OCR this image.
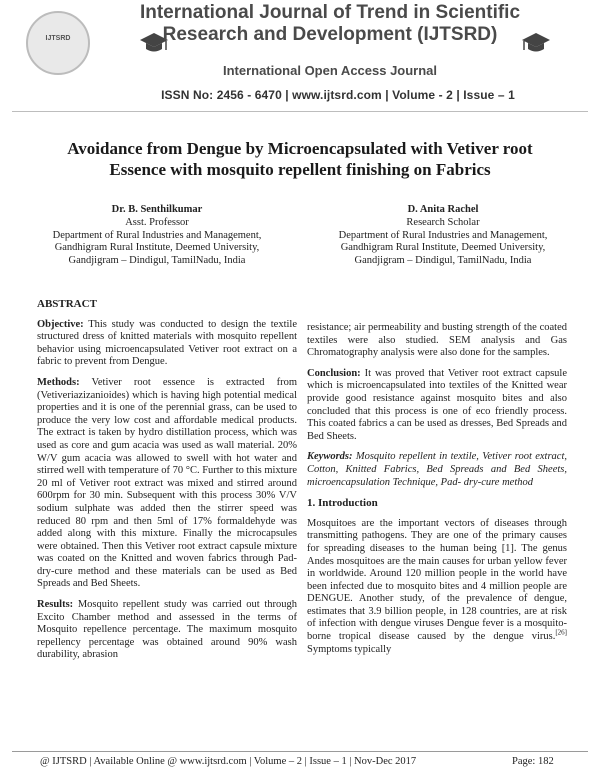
IJTSRD
International Journal of Trend in Scientific
Research and Development (IJTSRD)
International Open Access Journal
ISSN No: 2456 - 6470 | www.ijtsrd.com | Volume - 2 | Issue – 1
Avoidance from Dengue by Microencapsulated with Vetiver root
Essence with mosquito repellent finishing on Fabrics
Dr. B. Senthilkumar
Asst. Professor
Department of Rural Industries and Management,
Gandhigram Rural Institute, Deemed University,
Gandjigram – Dindigul, TamilNadu, India
D. Anita Rachel
Research Scholar
Department of Rural Industries and Management,
Gandhigram Rural Institute, Deemed University,
Gandjigram – Dindigul, TamilNadu, India
ABSTRACT

Objective: This study was conducted to design the textile structured dress of knitted materials with mosquito repellent behavior using microencapsulated Vetiver root extract on a fabric to prevent from Dengue.

Methods: Vetiver root essence is extracted from (Vetiveriazizanioides) which is having high potential medical properties and it is one of the perennial grass, can be used to produce the very low cost and affordable medical products. The extract is taken by hydro distillation process, which was used as core and gum acacia was used as wall material. 20% W/V gum acacia was allowed to swell with hot water and stirred well with temperature of 70 °C. Further to this mixture 20 ml of Vetiver root extract was mixed and stirred around 600rpm for 30 min. Subsequent with this process 30% V/V sodium sulphate was added then the stirrer speed was reduced 80 rpm and then 5ml of 17% formaldehyde was added along with this mixture. Finally the microcapsules were obtained. Then this Vetiver root extract capsule mixture was coated on the Knitted and woven fabrics through Pad-dry-cure method and these materials can be used as Bed Spreads and Bed Sheets.

Results: Mosquito repellent study was carried out through Excito Chamber method and assessed in the terms of Mosquito repellence percentage. The maximum mosquito repellency percentage was obtained around 90% wash durability, abrasion

resistance; air permeability and busting strength of the coated textiles were also studied. SEM analysis and Gas Chromatography analysis were also done for the samples.

Conclusion: It was proved that Vetiver root extract capsule which is microencapsulated into textiles of the Knitted wear provide good resistance against mosquito bites and also concluded that this process is one of eco friendly process. This coated fabrics a can be used as dresses, Bed Spreads and Bed Sheets.

Keywords: Mosquito repellent in textile, Vetiver root extract, Cotton, Knitted Fabrics, Bed Spreads and Bed Sheets, microencapsulation Technique, Pad- dry-cure method

1. Introduction

Mosquitoes are the important vectors of diseases through transmitting pathogens. They are one of the primary causes for spreading diseases to the human being [1]. The genus Andes mosquitoes are the main causes for urban yellow fever in worldwide. Around 120 million people in the world have been infected due to mosquito bites and 4 million people are DENGUE. Another study, of the prevalence of dengue, estimates that 3.9 billion people, in 128 countries, are at risk of infection with dengue viruses Dengue fever is a mosquito-borne tropical disease caused by the dengue virus.[26] Symptoms typically

@ IJTSRD | Available Online @ www.ijtsrd.com | Volume – 2 | Issue – 1 | Nov-Dec 2017	Page: 182
